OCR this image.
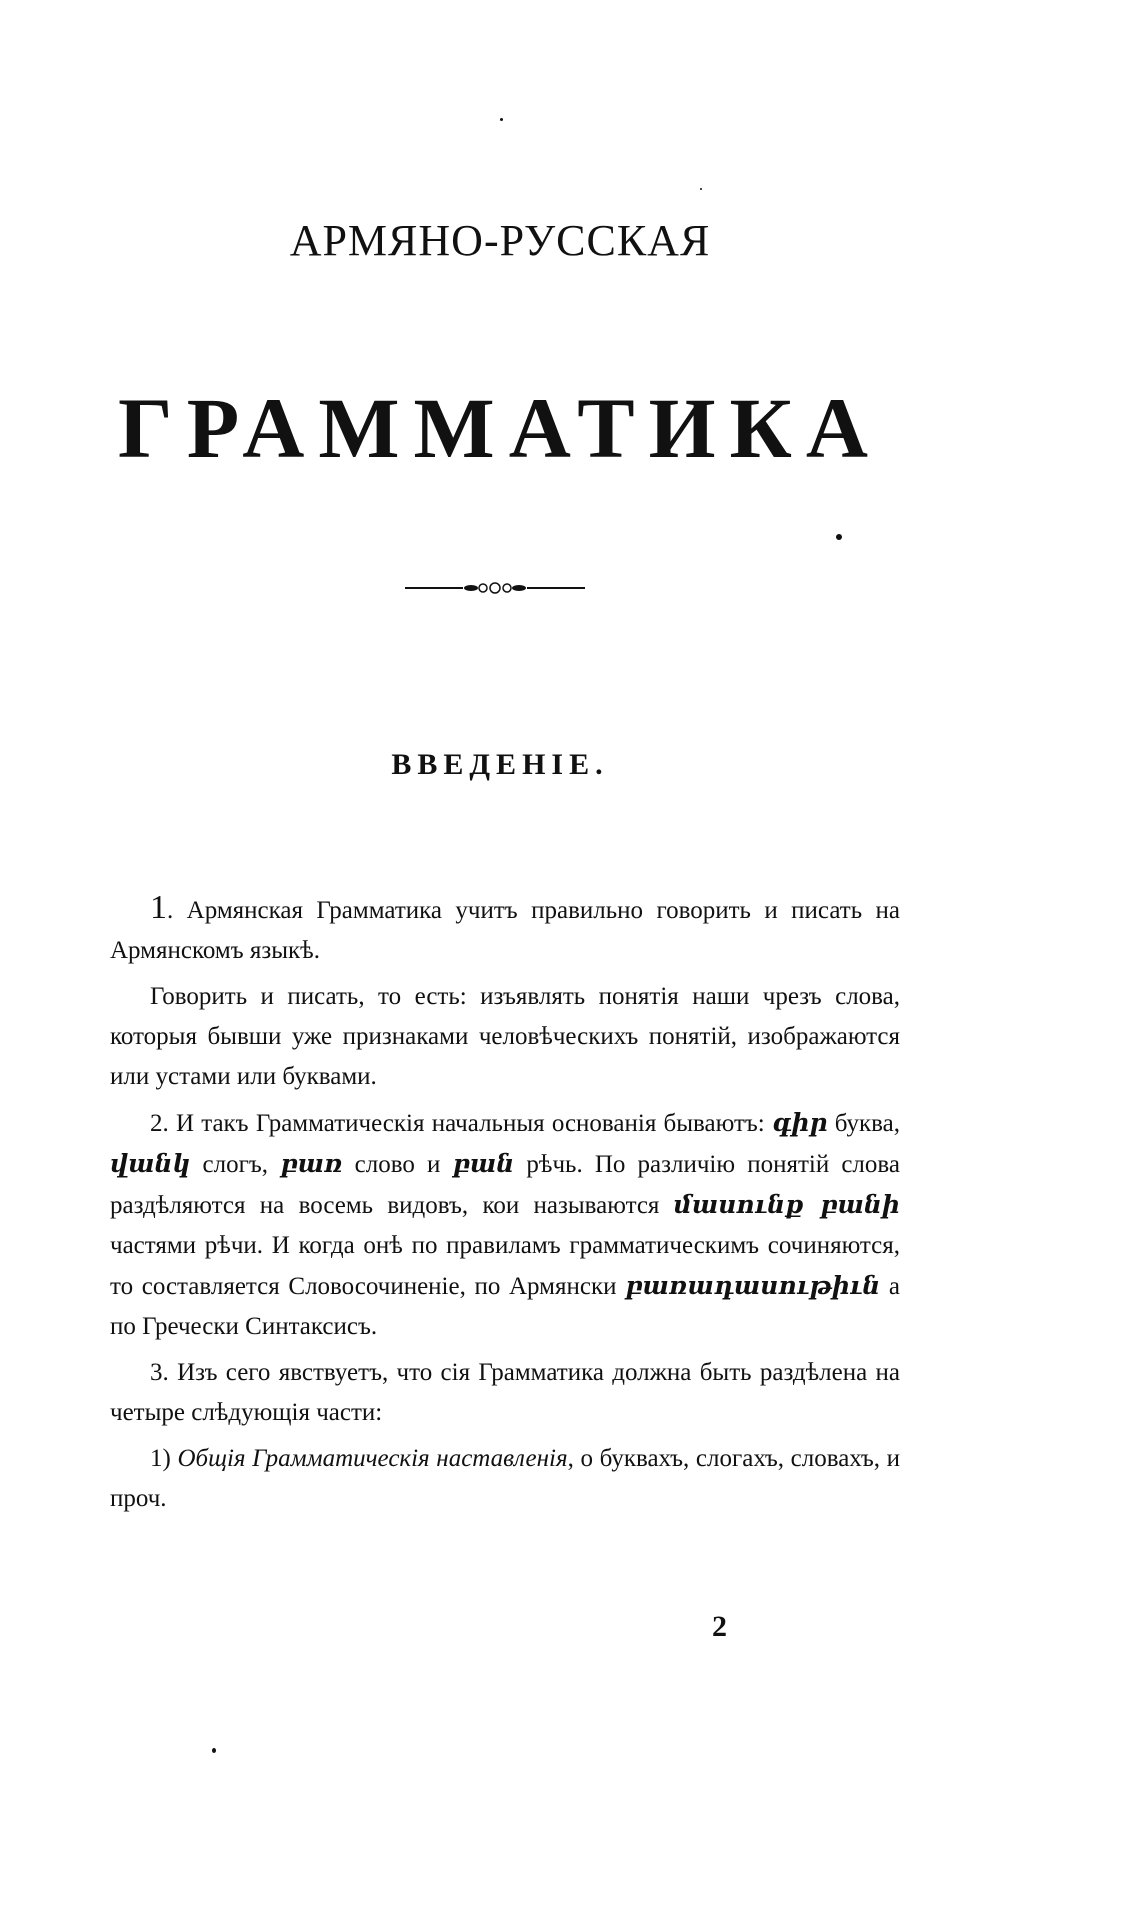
АРМЯНО-РУССКАЯ
ГРАММАТИКА
ВВЕДЕНІЕ.

1. Армянская Грамматика учитъ правильно говорить и писать на Армянскомъ языкѣ.

Говорить и писать, то есть: изъявлять понятія наши чрезъ слова, которыя бывши уже признаками человѣческихъ понятій, изображаются или устами или буквами.

2. И такъ Грамматическія начальныя основанія бываютъ: գիր буква, վանկ слогъ, բառ слово и բան рѣчь. По различію понятій слова раздѣляются на восемь видовъ, кои называются մասունք բանի частями рѣчи. И когда онѣ по правиламъ грамматическимъ сочиняются, то составляется Словосочиненіе, по Армянски բառադասութիւն а по Гречески Синтаксисъ.

3. Изъ сего явствуетъ, что сія Грамматика должна быть раздѣлена на четыре слѣдующія части:

1) Общія Грамматическія наставленія, о буквахъ, слогахъ, словахъ, и проч.

2
